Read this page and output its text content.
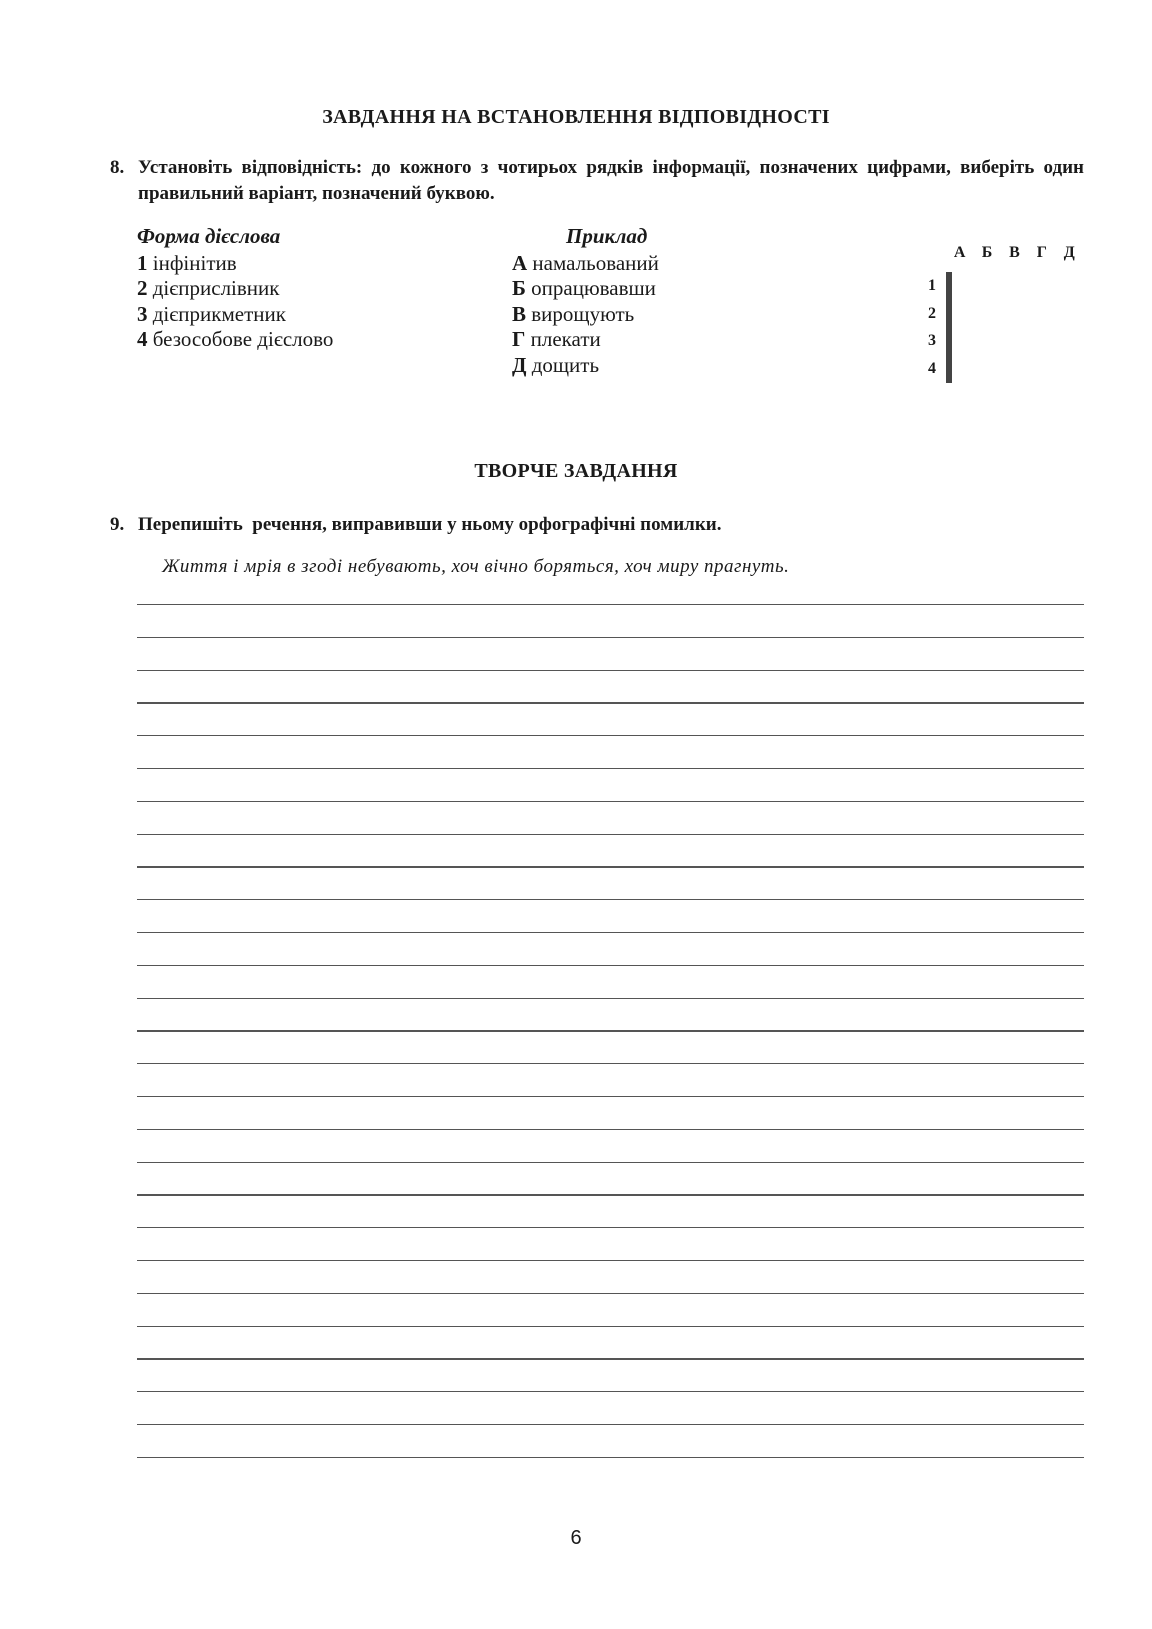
ЗАВДАННЯ НА ВСТАНОВЛЕННЯ ВІДПОВІДНОСТІ
8. Установіть відповідність: до кожного з чотирьох рядків інформації, позначених цифрами, виберіть один правильний варіант, позначений буквою.
Форма дієслова
1 інфінітив
2 дієприслівник
3 дієприкметник
4 безособове дієслово
Приклад
А намальований
Б опрацювавши
В вирощують
Г плекати
Д дощить
А	Б	В	Г	Д
1
2
3
4

ТВОРЧЕ ЗАВДАННЯ
9. Перепишіть  речення, виправивши у ньому орфографічні помилки.
Життя і мрія в згоді небувають, хоч вічно боряться, хоч миру прагнуть.
6
